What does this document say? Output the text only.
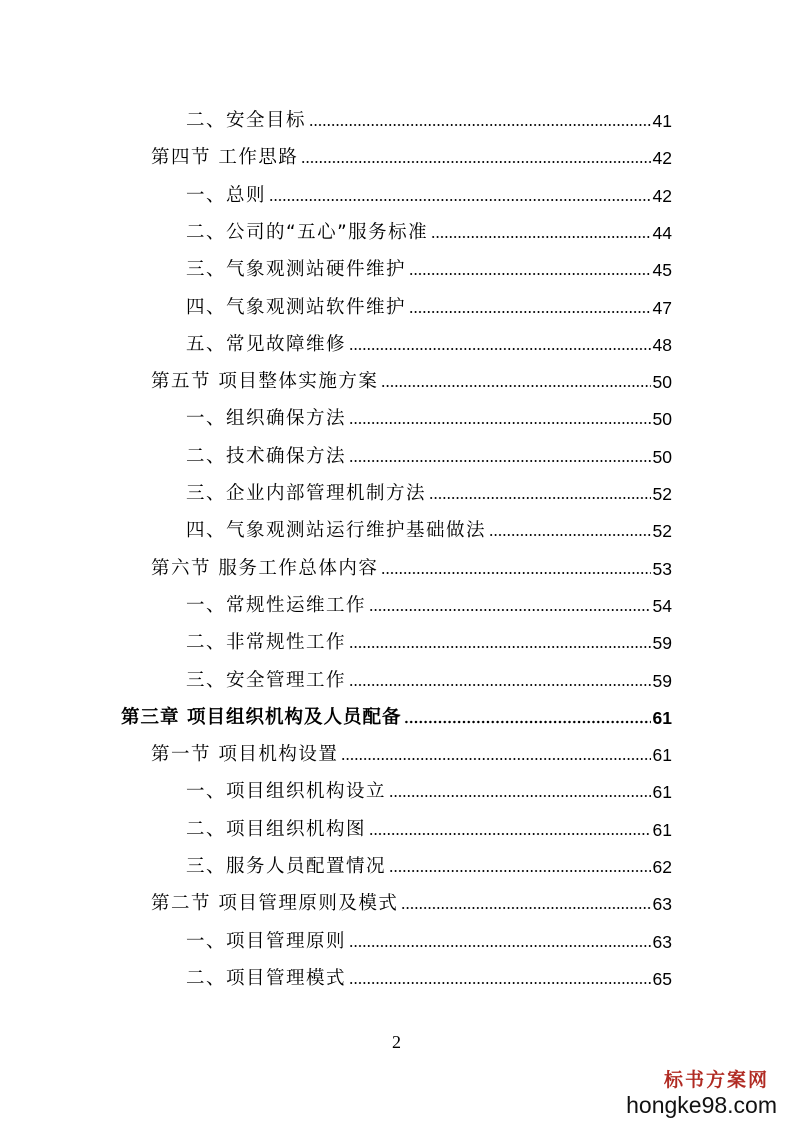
二、安全目标	41
第四节 工作思路	42
一、总则	42
二、公司的“五心”服务标准	44
三、气象观测站硬件维护	45
四、气象观测站软件维护	47
五、常见故障维修	48
第五节 项目整体实施方案	50
一、组织确保方法	50
二、技术确保方法	50
三、企业内部管理机制方法	52
四、气象观测站运行维护基础做法	52
第六节 服务工作总体内容	53
一、常规性运维工作	54
二、非常规性工作	59
三、安全管理工作	59
第三章 项目组织机构及人员配备	61
第一节 项目机构设置	61
一、项目组织机构设立	61
二、项目组织机构图	61
三、服务人员配置情况	62
第二节 项目管理原则及模式	63
一、项目管理原则	63
二、项目管理模式	65
2
标书方案网
hongke98.com
